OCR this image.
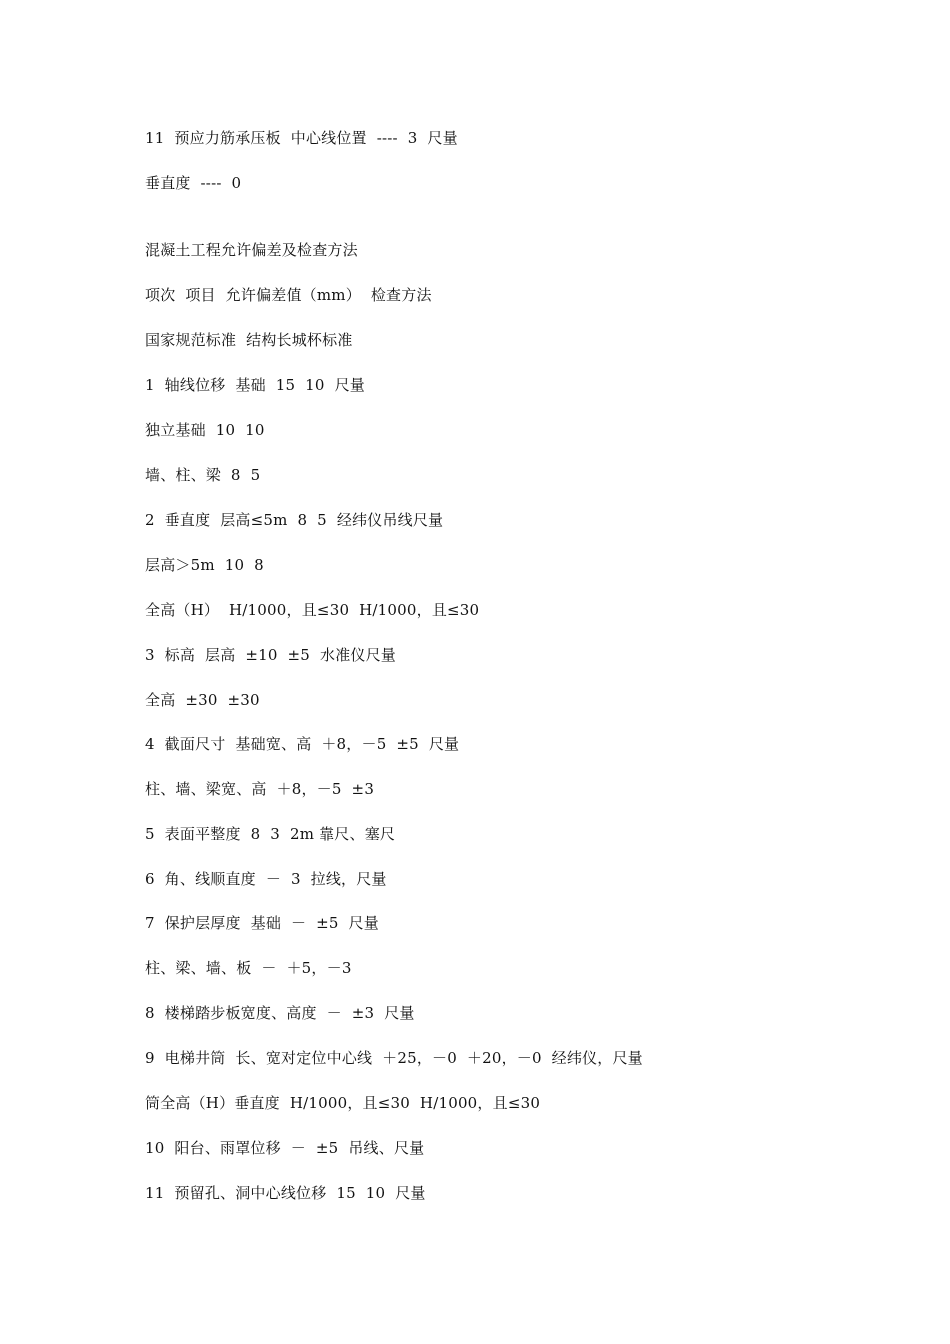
11  预应力筋承压板  中心线位置  ----  3  尺量
垂直度  ----  0
混凝土工程允许偏差及检查方法
项次  项目  允许偏差值（mm）  检查方法
国家规范标准  结构长城杯标准
1  轴线位移  基础  15  10  尺量
独立基础  10  10
墙、柱、梁  8  5
2  垂直度  层高≤5m  8  5  经纬仪吊线尺量
层高＞5m  10  8
全高（H）  H/1000，且≤30  H/1000，且≤30
3  标高  层高  ±10  ±5  水准仪尺量
全高  ±30  ±30
4  截面尺寸  基础宽、高  ＋8，－5  ±5  尺量
柱、墙、梁宽、高  ＋8，－5  ±3
5  表面平整度  8  3  2m 靠尺、塞尺
6  角、线顺直度  －  3  拉线，尺量
7  保护层厚度  基础  －  ±5  尺量
柱、梁、墙、板  －  ＋5，－3
8  楼梯踏步板宽度、高度  －  ±3  尺量
9  电梯井筒  长、宽对定位中心线  ＋25，－0  ＋20，－0  经纬仪，尺量
筒全高（H）垂直度  H/1000，且≤30  H/1000，且≤30
10  阳台、雨罩位移  －  ±5  吊线、尺量
11  预留孔、洞中心线位移  15  10  尺量
